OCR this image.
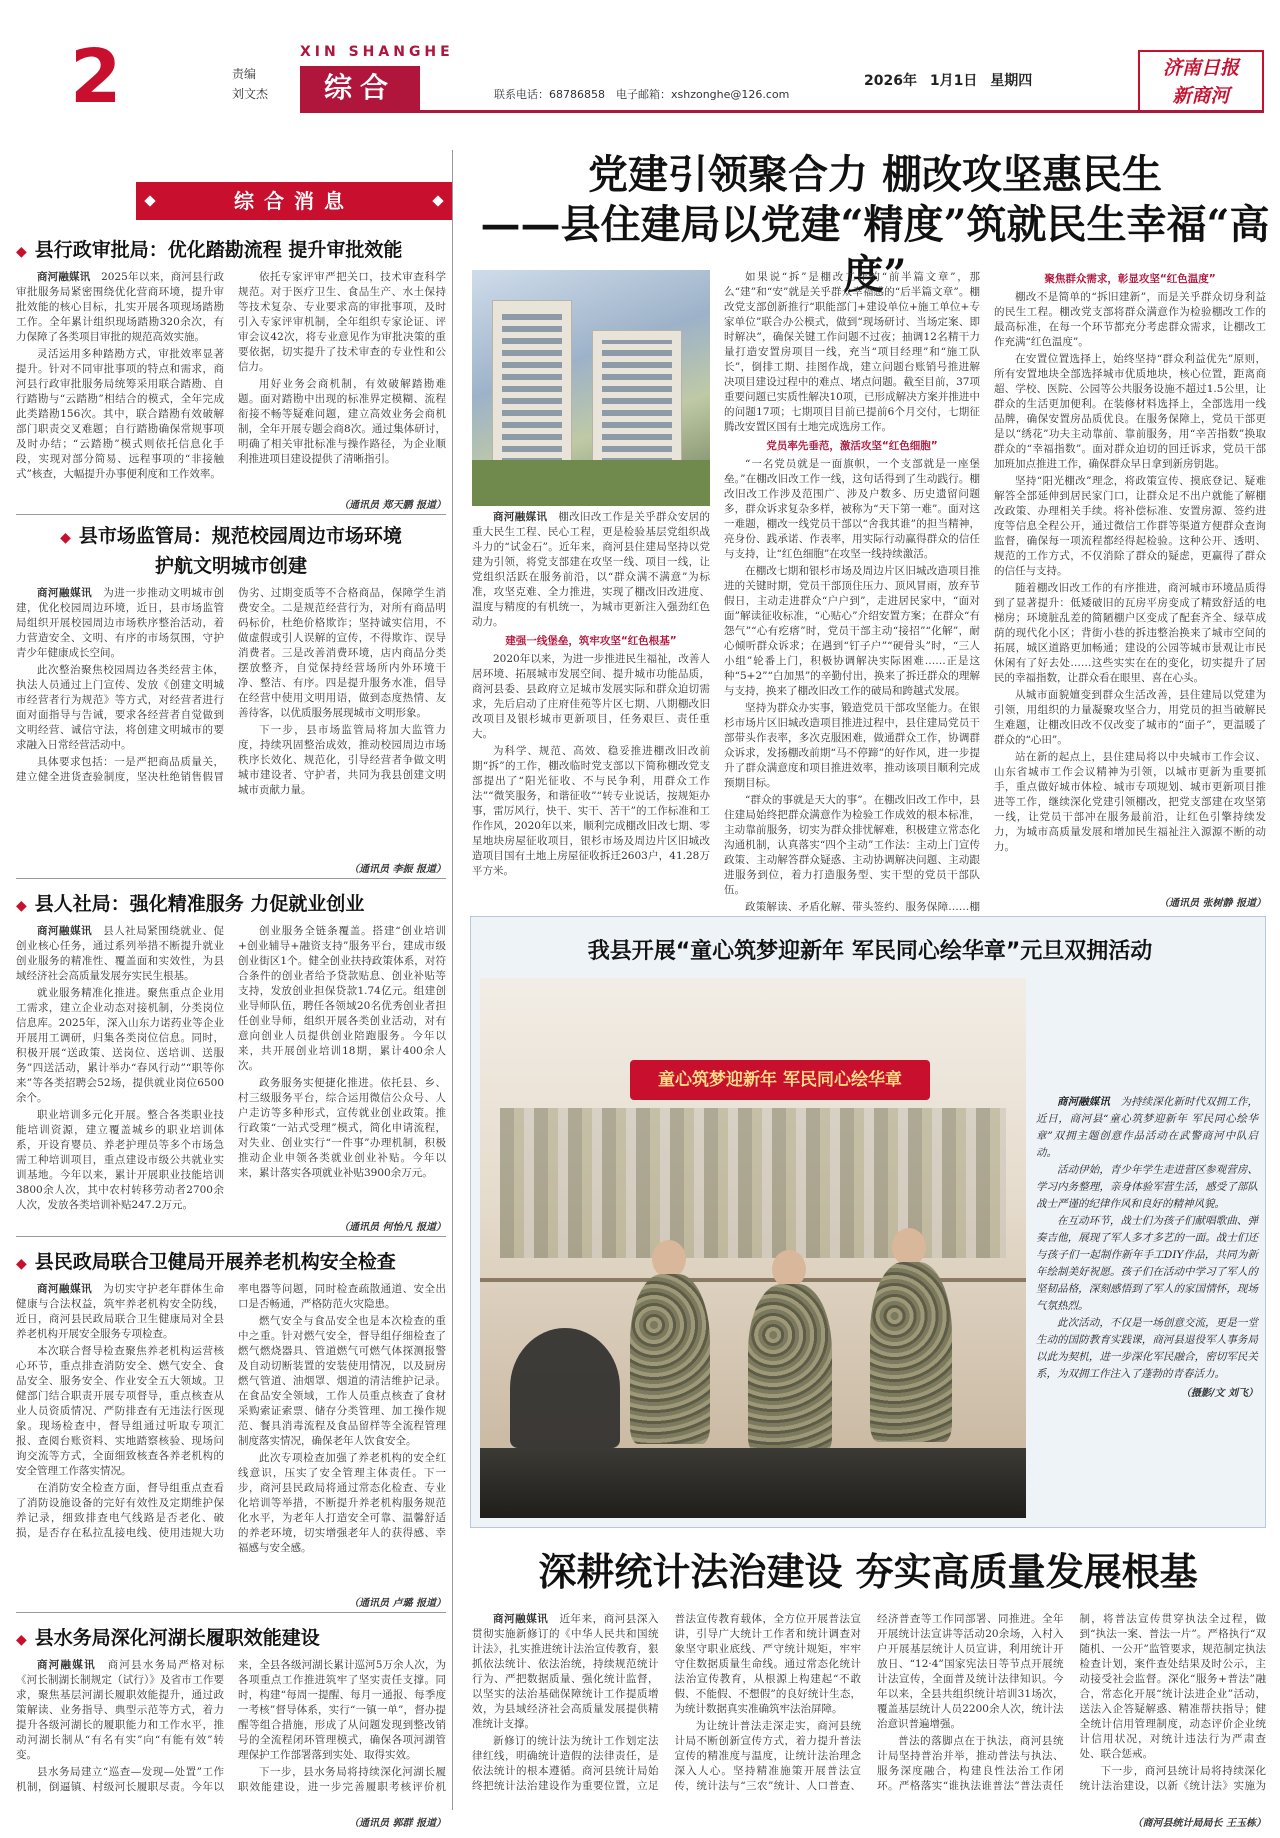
2	责编
刘文杰
XIN SHANGHE
综合	联系电话：68786858　电子邮箱：xshzonghe@126.com
2026年 1月1日 星期四
济南日报
新商河
综合消息
◆ 县行政审批局：优化踏勘流程 提升审批效能

商河融媒讯　 2025年以来，商河县行政审批服务局紧密围绕优化营商环境，提升审批效能的核心目标，扎实开展各项现场踏勘工作。全年累计组织现场踏勘320余次，有力保障了各类项目审批的规范高效实施。

灵活运用多种踏勘方式，审批效率显著提升。针对不同审批事项的特点和需求，商河县行政审批服务局统筹采用联合踏勘、自行踏勘与“云踏勘”相结合的模式，全年完成此类踏勘156次。其中，联合踏勘有效破解部门职责交叉难题；自行踏勘确保常规事项及时办结；“云踏勘”模式则依托信息化手段，实现对部分简易、远程事项的“非接触式”核查，大幅提升办事便利度和工作效率。

依托专家评审严把关口，技术审查科学规范。对于医疗卫生、食品生产、水土保持等技术复杂、专业要求高的审批事项，及时引入专家评审机制，全年组织专家论证、评审会议42次，将专业意见作为审批决策的重要依据，切实提升了技术审查的专业性和公信力。

用好业务会商机制，有效破解踏勘难题。面对踏勘中出现的标准界定模糊、流程衔接不畅等疑难问题，建立高效业务会商机制，全年开展专题会商8次。通过集体研讨，明确了相关审批标准与操作路径，为企业顺利推进项目建设提供了清晰指引。

（通讯员 郑天鹏 报道）
◆ 县市场监管局：规范校园周边市场环境
护航文明城市创建

商河融媒讯　 为进一步推动文明城市创建，优化校园周边环境，近日，县市场监管局组织开展校园周边市场秩序整治活动，着力营造安全、文明、有序的市场氛围，守护青少年健康成长空间。

此次整治聚焦校园周边各类经营主体，执法人员通过上门宣传、发放《创建文明城市经营者行为规范》等方式，对经营者进行面对面指导与告诫，要求各经营者自觉做到文明经营、诚信守法，将创建文明城市的要求融入日常经营活动中。

具体要求包括：一是严把商品质量关，建立健全进货查验制度，坚决杜绝销售假冒伪劣、过期变质等不合格商品，保障学生消费安全。二是规范经营行为，对所有商品明码标价，杜绝价格欺诈；坚持诚实信用，不做虚假或引人误解的宣传，不得欺诈、误导消费者。三是改善消费环境，店内商品分类摆放整齐，自觉保持经营场所内外环境干净、整洁、有序。四是提升服务水准，倡导在经营中使用文明用语，做到态度热情、友善待客，以优质服务展现城市文明形象。

下一步，县市场监管局将加大监管力度，持续巩固整治成效，推动校园周边市场秩序长效化、规范化，引导经营者争做文明城市建设者、守护者，共同为我县创建文明城市贡献力量。

（通讯员 李振 报道）
◆ 县人社局：强化精准服务 力促就业创业

商河融媒讯　 县人社局紧围绕就业、促创业核心任务，通过系列举措不断提升就业创业服务的精准性、覆盖面和实效性，为县域经济社会高质量发展夯实民生根基。

就业服务精准化推进。聚焦重点企业用工需求，建立企业动态对接机制，分类岗位信息库。2025年，深入山东力诺药业等企业开展用工调研，归集各类岗位信息。同时，积极开展“送政策、送岗位、送培训、送服务”四送活动，累计举办“春风行动”“职等你来”等各类招聘会52场，提供就业岗位6500余个。

职业培训多元化开展。整合各类职业技能培训资源，建立覆盖城乡的职业培训体系，开设育婴员、养老护理员等多个市场急需工种培训项目，重点建设市级公共就业实训基地。今年以来，累计开展职业技能培训3800余人次，其中农村转移劳动者2700余人次，发放各类培训补贴247.2万元。

创业服务全链条覆盖。搭建“创业培训+创业辅导+融资支持”服务平台，建成市级创业街区1个。健全创业扶持政策体系，对符合条件的创业者给予贷款贴息、创业补贴等支持，发放创业担保贷款1.74亿元。组建创业导师队伍，聘任各领域20名优秀创业者担任创业导师，组织开展各类创业活动，对有意向创业人员提供创业陪跑服务。今年以来，共开展创业培训18期，累计400余人次。

政务服务实便捷化推进。依托县、乡、村三级服务平台，综合运用微信公众号、人户走访等多种形式，宣传就业创业政策。推行政策“一站式受理”模式，简化申请流程，对失业、创业实行“一件事”办理机制，积极推动企业申领各类就业创业补贴。今年以来，累计落实各项就业补贴3900余万元。

（通讯员 何怡凡 报道）
◆ 县民政局联合卫健局开展养老机构安全检查

商河融媒讯　 为切实守护老年群体生命健康与合法权益，筑牢养老机构安全防线，近日，商河县民政局联合卫生健康局对全县养老机构开展安全服务专项检查。

本次联合督导检查聚焦养老机构运营核心环节，重点排查消防安全、燃气安全、食品安全、服务安全、作业安全五大领域。卫健部门结合职责开展专项督导，重点核查从业人员资质情况、严防排查有无违法行医现象。现场检查中，督导组通过听取专项汇报、查阅台账资料、实地踏察核验、现场问询交流等方式，全面细致核查各养老机构的安全管理工作落实情况。

在消防安全检查方面，督导组重点查看了消防设施设备的完好有效性及定期维护保养记录，细致排查电气线路是否老化、破损，是否存在私拉乱接电线、使用违规大功率电器等问题，同时检查疏散通道、安全出口是否畅通，严格防范火灾隐患。

燃气安全与食品安全也是本次检查的重中之重。针对燃气安全，督导组仔细检查了燃气燃烧器具、管道燃气可燃气体探测报警及自动切断装置的安装使用情况，以及厨房燃气管道、油烟罩、烟道的清洁维护记录。在食品安全领域，工作人员重点核查了食材采购索证索票、储存分类管理、加工操作规范、餐具消毒流程及食品留样等全流程管理制度落实情况，确保老年人饮食安全。

此次专项检查加强了养老机构的安全红线意识，压实了安全管理主体责任。下一步，商河县民政局将通过常态化检查、专业化培训等举措，不断提升养老机构服务规范化水平，为老年人打造安全可靠、温馨舒适的养老环境，切实增强老年人的获得感、幸福感与安全感。

（通讯员 卢璐 报道）
◆ 县水务局深化河湖长履职效能建设

商河融媒讯　 商河县水务局严格对标《河长制湖长制规定（试行）》及省市工作要求，聚焦基层河湖长履职效能提升，通过政策解读、业务指导、典型示范等方式，着力提升各级河湖长的履职能力和工作水平，推动河湖长制从“有名有实”向“有能有效”转变。

县水务局建立“巡查—发现—处置”工作机制，倒逼镇、村级河长履职尽责。今年以来，全县各级河湖长累计巡河5万余人次，为各项重点工作推进筑牢了坚实责任支撑。同时，构建“每周一提醒、每月一通报、每季度一考核”督导体系，实行“一镇一单”，督办提醒等组合措施，形成了从问题发现到整改销号的全流程闭环管理模式，确保各项河湖管理保护工作部署落到实处、取得实效。

下一步，县水务局将持续深化河湖长履职效能建设，进一步完善履职考核评价机

（通讯员 郭群 报道）
党建引领聚合力 棚改攻坚惠民生
——县住建局以党建“精度”筑就民生幸福“高度”

商河融媒讯　 棚改旧改工作是关乎群众安居的重大民生工程、民心工程，更是检验基层党组织战斗力的“试金石”。近年来，商河县住建局坚持以党建为引领，将党支部建在攻坚一线、项目一线，让党组织活跃在服务前沿，以“群众满不满意”为标准，攻坚克难、全力推进，实现了棚改旧改进度、温度与精度的有机统一，为城市更新注入强劲红色动力。

建强一线堡垒，筑牢攻坚“红色根基”

2020年以来，为进一步推进民生福祉，改善人居环境、拓展城市发展空间、提升城市功能品质，商河县委、县政府立足城市发展实际和群众迫切需求，先后启动了庄府佳苑等片区七期、八期棚改旧改项目及银杉城市更新项目，任务艰巨、责任重大。

为科学、规范、高效、稳妥推进棚改旧改前期“拆”的工作，棚改临时党支部以下简称棚改党支部提出了“阳光征收、不与民争利，用群众工作法”“微笑服务，和谐征收”“转专业说话，按规矩办事，雷厉风行，快干、实干、苦干”的工作标准和工作作风，2020年以来，顺利完成棚改旧改七期、零星地块房屋征收项目，银杉市场及周边片区旧城改造项目国有土地上房屋征收拆迁2603户，41.28万平方米。

如果说“拆”是棚改工作的“前半篇文章”，那么“建”和“安”就是关乎群众幸福感的“后半篇文章”。棚改党支部创新推行“职能部门+建设单位+施工单位+专家单位”联合办公模式，做到“现场研讨、当场定案、即时解决”，确保关键工作问题不过夜；抽调12名精干力量打造安置房项目一线，充当“项目经理”和“施工队长”，倒排工期、挂图作战，建立问题台账销号推进解决项目建设过程中的难点、堵点问题。截至目前，37项重要问题已实质性解决10项，已形成解决方案并推进中的问题17项；七期项目目前已提前6个月交付，七期征腾改安置区国有土地完成选房工作。

党员率先垂范，激活攻坚“红色细胞”

“一名党员就是一面旗帜，一个支部就是一座堡垒。”在棚改旧改工作一线，这句话得到了生动践行。棚改旧改工作涉及范围广、涉及户数多、历史遗留问题多，群众诉求复杂多样，被称为“天下第一难”。面对这一难题，棚改一线党员干部以“舍我其谁”的担当精神，亮身份、践承诺、作表率，用实际行动赢得群众的信任与支持，让“红色细胞”在攻坚一线持续激活。

在棚改七期和银杉市场及周边片区旧城改造项目推进的关键时期，党员干部顶住压力、顶风冒雨，放弃节假日，主动走进群众“户户到”，走进居民家中，“面对面”解读征收标准，“心贴心”介绍安置方案；在群众“有怨气”“心有疙瘩”时，党员干部主动“接招”“化解”，耐心倾听群众诉求；在遇到“钉子户”“硬骨头”时，“三人小组”轮番上门，积极协调解决实际困难……正是这种“5+2”“白加黑”的辛勤付出，换来了拆迁群众的理解与支持，换来了棚改旧改工作的破局和跨越式发展。

坚持为群众办实事，锻造党员干部攻坚能力。在银杉市场片区旧城改造项目推进过程中，县住建局党员干部带头作表率，多次克服困难，做通群众工作，协调群众诉求，发扬棚改前期“马不停蹄”的好作风，进一步提升了群众满意度和项目推进效率，推动该项目顺利完成预期目标。

“群众的事就是天大的事”。在棚改旧改工作中，县住建局始终把群众满意作为检验工作成效的根本标准，主动靠前服务，切实为群众排忧解难，积极建立常态化沟通机制，认真落实“四个主动”工作法：主动上门宣传政策、主动解答群众疑惑、主动协调解决问题、主动跟进服务到位，着力打造服务型、实干型的党员干部队伍。

政策解读、矛盾化解、带头签约、服务保障……棚

聚焦群众需求，彰显攻坚“红色温度”

棚改不是简单的“拆旧建新”，而是关乎群众切身利益的民生工程。棚改党支部将群众满意作为检验棚改工作的最高标准，在每一个环节都充分考虑群众需求，让棚改工作充满“红色温度”。

在安置位置选择上，始终坚持“群众利益优先”原则，所有安置地块全部选择城市优质地块，核心位置，距离商超、学校、医院、公园等公共服务设施不超过1.5公里，让群众的生活更加便利。在装修材料选择上，全部选用一线品牌，确保安置房品质优良。在服务保障上，党员干部更是以“绣花”功夫主动靠前、靠前服务，用“辛苦指数”换取群众的“幸福指数”。面对群众迫切的回迁诉求，党员干部加班加点推进工作，确保群众早日拿到新房钥匙。

坚持“阳光棚改”理念，将政策宣传、摸底登记、疑难解答全部延伸到居民家门口，让群众足不出户就能了解棚改政策、办理相关手续。将补偿标准、安置房源、签约进度等信息全程公开，通过微信工作群等渠道方便群众查询监督，确保每一项流程都经得起检验。这种公开、透明、规范的工作方式，不仅消除了群众的疑虑，更赢得了群众的信任与支持。

随着棚改旧改工作的有序推进，商河城市环境品质得到了显著提升：低矮破旧的瓦房平房变成了精致舒适的电梯房；环境脏乱差的简陋棚户区变成了配套齐全、绿草成荫的现代化小区；背街小巷的拆违整治换来了城市空间的拓展，城区道路更加畅通；建设的公园等城市景观让市民休闲有了好去处……这些实实在在的变化，切实提升了居民的幸福指数，让群众看在眼里、喜在心头。

从城市面貌嬗变到群众生活改善，县住建局以党建为引领，用组织的力量凝聚攻坚合力，用党员的担当破解民生难题，让棚改旧改不仅改变了城市的“面子”，更温暖了群众的“心田”。

站在新的起点上，县住建局将以中央城市工作会议、山东省城市工作会议精神为引领，以城市更新为重要抓手，重点做好城市体检、城市专项规划、城市更新项目推进等工作，继续深化党建引领棚改，把党支部建在攻坚第一线，让党员干部冲在服务最前沿，让红色引擎持续发力，为城市高质量发展和增加民生福祉注入源源不断的动力。

（通讯员 张树静 报道）
我县开展“童心筑梦迎新年 军民同心绘华章”元旦双拥活动
童心筑梦迎新年 军民同心绘华章

商河融媒讯　 为持续深化新时代双拥工作，近日，商河县“童心筑梦迎新年 军民同心绘华章”双拥主题创意作品活动在武警商河中队启动。

活动伊始，青少年学生走进营区参观营房、学习内务整理，亲身体验军营生活，感受了部队战士严谨的纪律作风和良好的精神风貌。

在互动环节，战士们为孩子们献唱歌曲、弹奏吉他，展现了军人多才多艺的一面。战士们还与孩子们一起制作新年手工DIY作品，共同为新年绘制美好祝愿。孩子们在活动中学习了军人的坚韧品格，深刻感悟到了军人的家国情怀，现场气氛热烈。

此次活动，不仅是一场创意交流，更是一堂生动的国防教育实践课，商河县退役军人事务局以此为契机，进一步深化军民融合，密切军民关系，为双拥工作注入了蓬勃的青春活力。

（摄影/文 刘飞）
深耕统计法治建设 夯实高质量发展根基

商河融媒讯　 近年来，商河县深入贯彻实施新修订的《中华人民共和国统计法》，扎实推进统计法治宣传教育，狠抓依法统计、依法治统，持续规范统计行为、严把数据质量、强化统计监督，以坚实的法治基础保障统计工作提质增效，为县域经济社会高质量发展提供精准统计支撑。

新修订的统计法为统计工作划定法律红线，明确统计造假的法律责任，是依法统计的根本遵循。商河县统计局始终把统计法治建设作为重要位置，立足普法宣传教育载体，全方位开展普法宣讲，引导广大统计工作者和统计调查对象坚守职业底线、严守统计规矩，牢牢守住数据质量生命线。通过常态化统计法治宣传教育，从根源上构建起“不敢假、不能假、不想假”的良好统计生态，为统计数据真实准确筑牢法治屏障。

为让统计普法走深走实，商河县统计局不断创新宣传方式，着力提升普法宣传的精准度与温度，让统计法治理念深入人心。坚持精准施策开展普法宣传，统计法与“三农”统计、人口普查、经济普查等工作同部署、同推进。全年开展统计法宣讲等活动20余场，入村入户开展基层统计人员宣讲，利用统计开放日、“12·4”国家宪法日等节点开展统计法宣传，全面普及统计法律知识。今年以来，全县共组织统计培训31场次，覆盖基层统计人员2200余人次，统计法治意识普遍增强。

普法的落脚点在于执法，商河县统计局坚持普治并举，推动普法与执法、服务深度融合，构建良性法治工作闭环。严格落实“谁执法谁普法”普法责任制，将普法宣传贯穿执法全过程，做到“执法一案、普法一片”。严格执行“双随机、一公开”监管要求，规范制定执法检查计划，案件查处结果及时公示，主动接受社会监督。深化“服务+普法”融合，常态化开展“统计法进企业”活动，送法入企答疑解惑、精准帮扶指导；健全统计信用管理制度，动态评价企业统计信用状况，对统计违法行为严肃查处、联合惩戒。

下一步，商河县统计局将持续深化统计法治建设，以新《统计法》实施为

（商河县统计局局长 王玉栋）
